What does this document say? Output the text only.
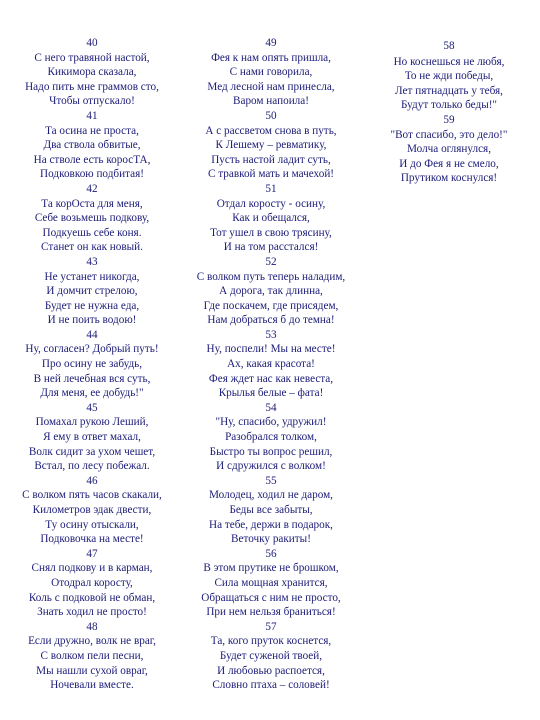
40
С него травяной настой,
Кикимора сказала,
Надо пить мне граммов сто,
Чтобы отпускало!
41
Та осина не проста,
Два ствола обвитые,
На стволе есть коросТА,
Подковкою подбитая!
42
Та корОста для меня,
Себе возьмешь подкову,
Подкуешь себе коня.
Станет он как новый.
43
Не устанет никогда,
И домчит стрелою,
Будет не нужна еда,
И не поить водою!
44
Ну, согласен? Добрый путь!
Про осину не забудь,
В ней лечебная вся суть,
Для меня, ее добудь!"
45
Помахал рукою Леший,
Я ему в ответ махал,
Волк сидит за ухом чешет,
Встал, по лесу побежал.
46
С волком пять часов скакали,
Километров эдак двести,
Ту осину отыскали,
Подковочка на месте!
47
Снял подкову и в карман,
Отодрал коросту,
Коль с подковой не обман,
Знать ходил не просто!
48
Если дружно, волк не враг,
С волком пели песни,
Мы нашли сухой овраг,
Ночевали вместе.
49
Фея к нам опять пришла,
С нами говорила,
Мед лесной нам принесла,
Варом напоила!
50
А с рассветом снова в путь,
К Лешему – ревматику,
Пусть настой ладит суть,
С травкой мать и мачехой!
51
Отдал коросту - осину,
Как и обещался,
Тот ушел в свою трясину,
И на том расстался!
52
С волком путь теперь наладим,
А дорога, так длинна,
Где поскачем, где присядем,
Нам добраться б до темна!
53
Ну, поспели! Мы на месте!
Ах, какая красота!
Фея ждет нас как невеста,
Крылья белые – фата!
54
"Ну, спасибо, удружил!
Разобрался толком,
Быстро ты вопрос решил,
И сдружился с волком!
55
Молодец, ходил не даром,
Беды все забыты,
На тебе, держи в подарок,
Веточку ракиты!
56
В этом прутике не брошком,
Сила мощная хранится,
Обращаться с ним не просто,
При нем нельзя браниться!
57
Та, кого пруток коснется,
Будет суженой твоей,
И любовью распоется,
Словно птаха – соловей!
58
Но коснешься не любя,
То не жди победы,
Лет пятнадцать у тебя,
Будут только беды!"
59
"Вот спасибо, это дело!"
Молча оглянулся,
И до Фея я не смело,
Прутиком коснулся!
